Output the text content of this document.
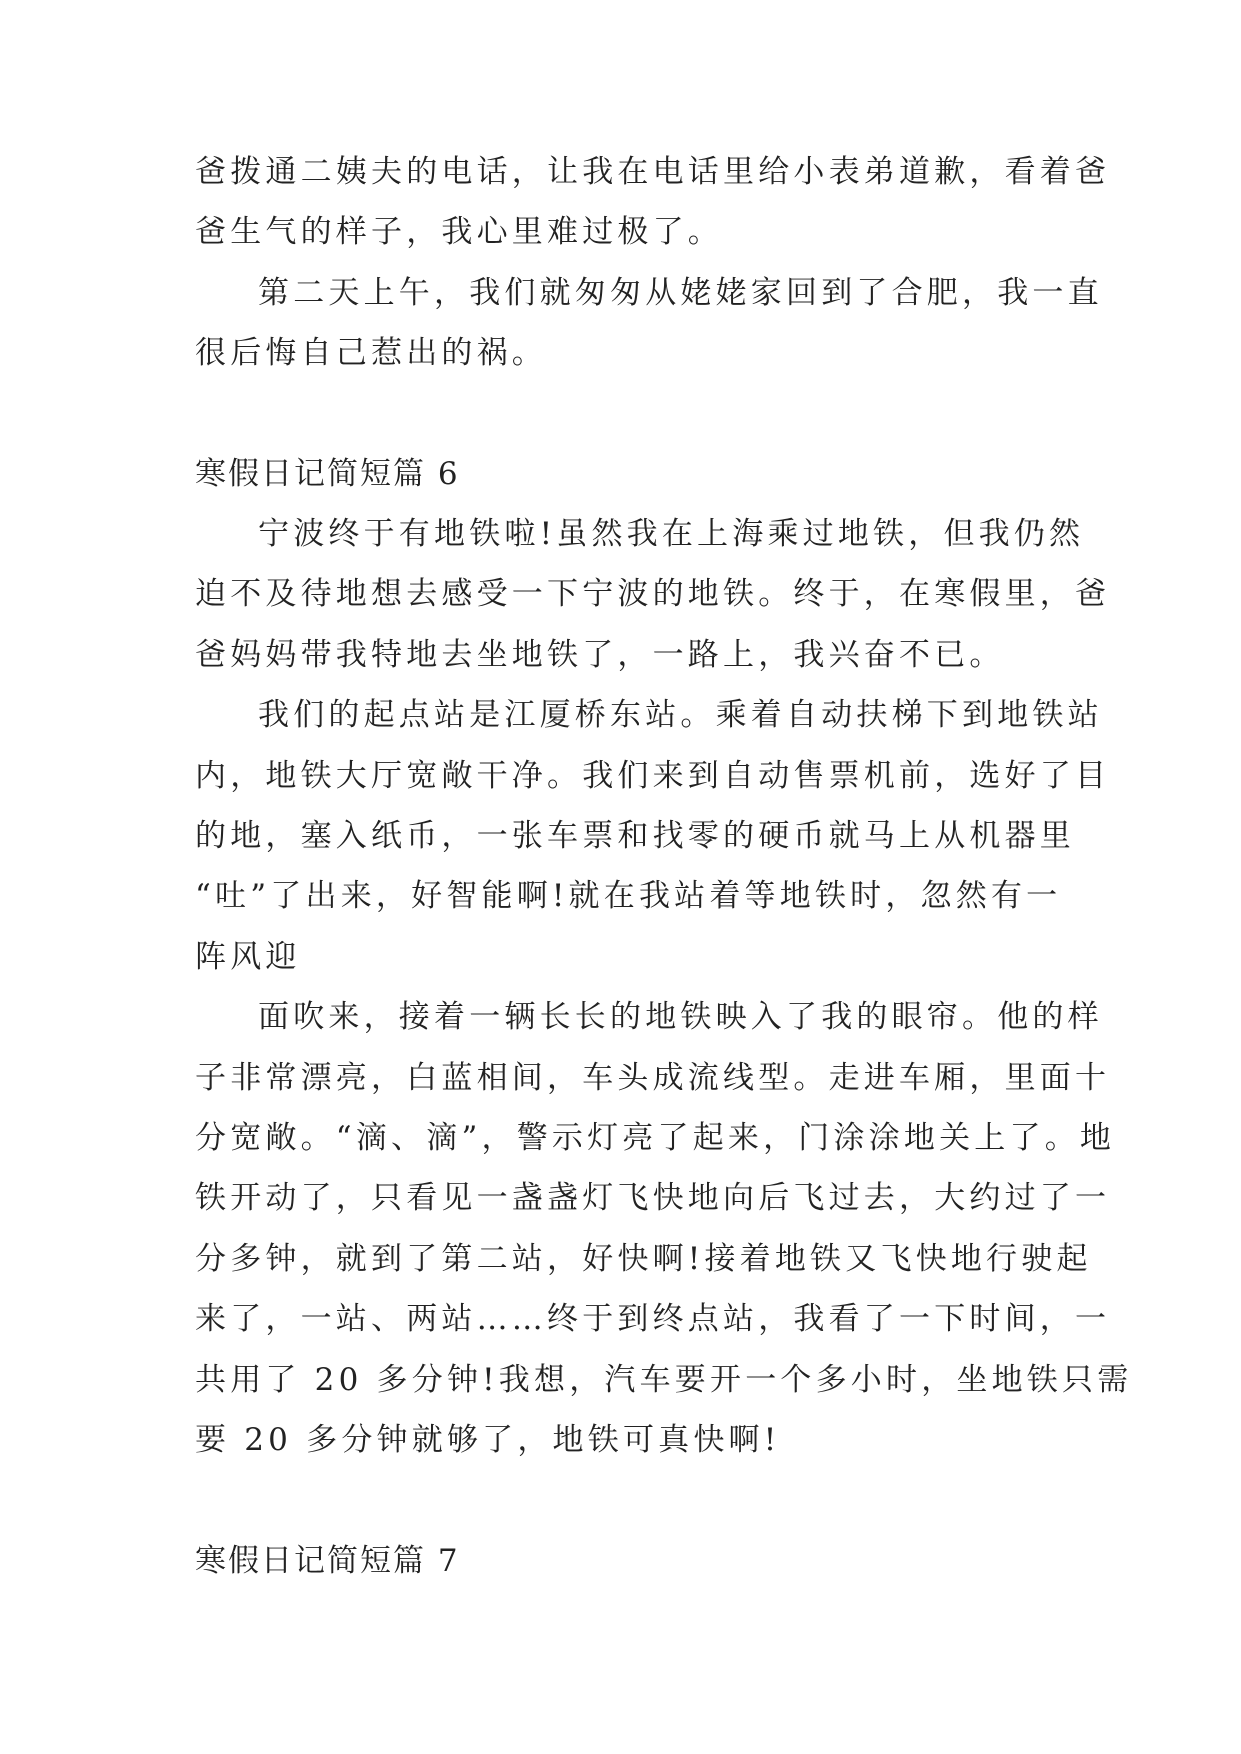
爸拨通二姨夫的电话，让我在电话里给小表弟道歉，看着爸
爸生气的样子，我心里难过极了。
第二天上午，我们就匆匆从姥姥家回到了合肥，我一直
很后悔自己惹出的祸。
寒假日记简短篇 6
宁波终于有地铁啦!虽然我在上海乘过地铁，但我仍然
迫不及待地想去感受一下宁波的地铁。终于，在寒假里，爸
爸妈妈带我特地去坐地铁了，一路上，我兴奋不已。
我们的起点站是江厦桥东站。乘着自动扶梯下到地铁站
内，地铁大厅宽敞干净。我们来到自动售票机前，选好了目
的地，塞入纸币，一张车票和找零的硬币就马上从机器里
“吐”了出来，好智能啊!就在我站着等地铁时，忽然有一
阵风迎
面吹来，接着一辆长长的地铁映入了我的眼帘。他的样
子非常漂亮，白蓝相间，车头成流线型。走进车厢，里面十
分宽敞。“滴、滴”，警示灯亮了起来，门涂涂地关上了。地
铁开动了，只看见一盏盏灯飞快地向后飞过去，大约过了一
分多钟，就到了第二站，好快啊!接着地铁又飞快地行驶起
来了，一站、两站……终于到终点站，我看了一下时间，一
共用了 20 多分钟!我想，汽车要开一个多小时，坐地铁只需
要 20 多分钟就够了，地铁可真快啊!
寒假日记简短篇 7
